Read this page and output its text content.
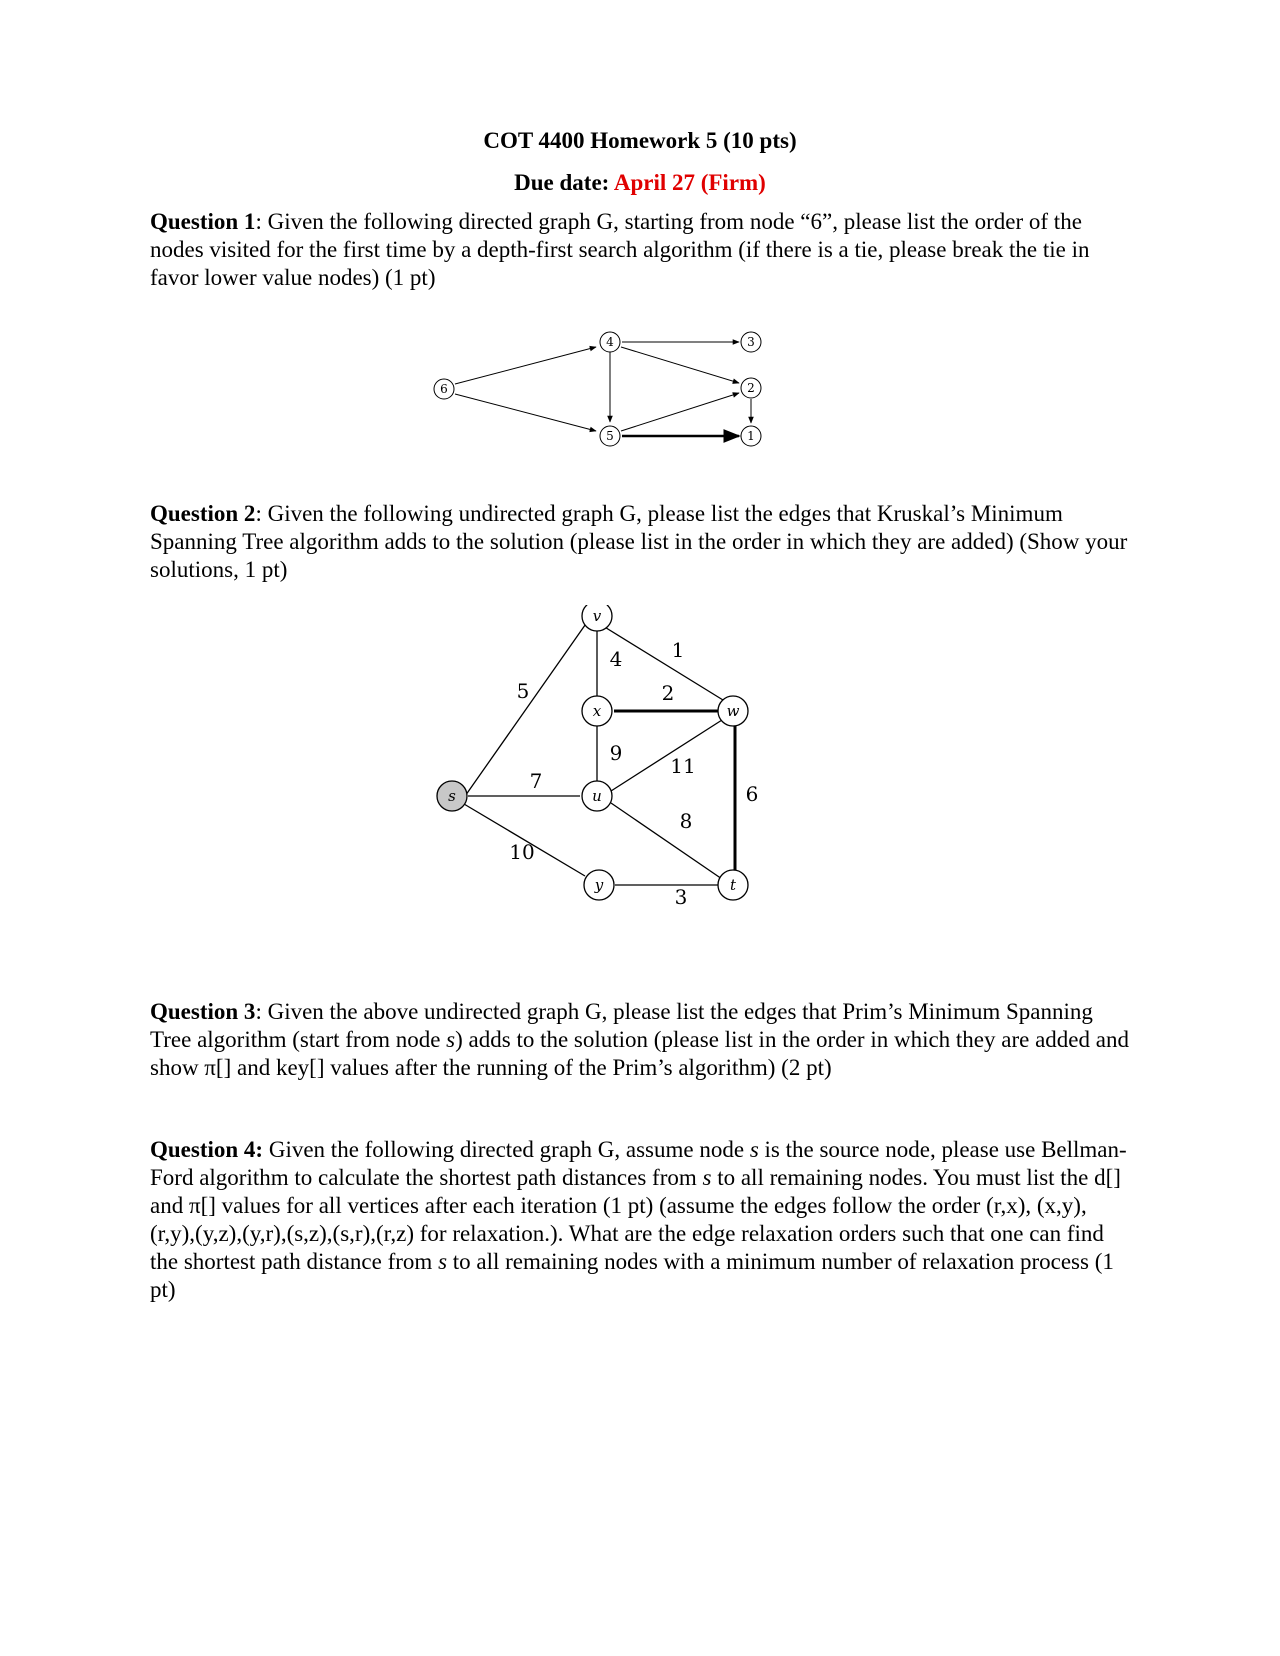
COT 4400 Homework 5 (10 pts)
Due date: April 27 (Firm)

Question 1: Given the following directed graph G, starting from node “6”, please list the order of the nodes visited for the first time by a depth-first search algorithm (if there is a tie, please break the tie in favor lower value nodes) (1 pt)

6
4
5
3
2
1

Question 2: Given the following undirected graph G, please list the edges that Kruskal’s Minimum Spanning Tree algorithm adds to the solution (please list in the order in which they are added) (Show your solutions, 1 pt)

1
4
5	2
9
11
7
6
8
10
3
v
x	w
s	u
y	t

Question 3: Given the above undirected graph G, please list the edges that Prim’s Minimum Spanning Tree algorithm (start from node s) adds to the solution (please list in the order in which they are added and show π[] and key[] values after the running of the Prim’s algorithm) (2 pt)

Question 4: Given the following directed graph G, assume node s is the source node, please use Bellman-Ford algorithm to calculate the shortest path distances from s to all remaining nodes. You must list the d[] and π[] values for all vertices after each iteration (1 pt) (assume the edges follow the order (r,x), (x,y), (r,y),(y,z),(y,r),(s,z),(s,r),(r,z) for relaxation.). What are the edge relaxation orders such that one can find the shortest path distance from s to all remaining nodes with a minimum number of relaxation process (1 pt)
